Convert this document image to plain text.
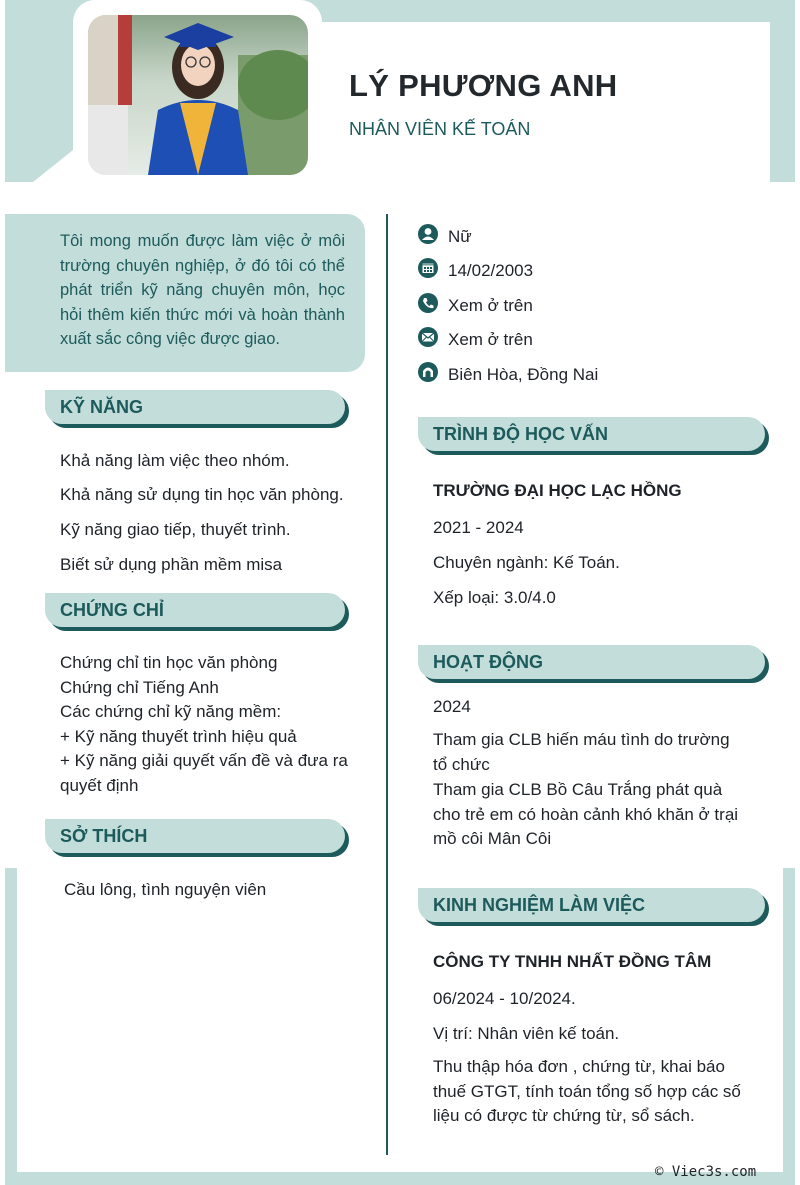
LÝ PHƯƠNG ANH
NHÂN VIÊN KẾ TOÁN
Tôi mong muốn được làm việc ở môi trường chuyên nghiệp, ở đó tôi có thể phát triển kỹ năng chuyên môn, học hỏi thêm kiến thức mới và hoàn thành xuất sắc công việc được giao.
Nữ
14/02/2003
Xem ở trên
Xem ở trên
Biên Hòa, Đồng Nai
KỸ NĂNG
Khả năng làm việc theo nhóm.
Khả năng sử dụng tin học văn phòng.
Kỹ năng giao tiếp, thuyết trình.
Biết sử dụng phần mềm misa
CHỨNG CHỈ
Chứng chỉ tin học văn phòng
Chứng chỉ Tiếng Anh
Các chứng chỉ kỹ năng mềm:
+ Kỹ năng thuyết trình hiệu quả
+ Kỹ năng giải quyết vấn đề và đưa ra quyết định
SỞ THÍCH
Cầu lông, tình nguyện viên
TRÌNH ĐỘ HỌC VẤN
TRƯỜNG ĐẠI HỌC LẠC HỒNG
2021 - 2024
Chuyên ngành: Kế Toán.
Xếp loại: 3.0/4.0
HOẠT ĐỘNG
2024
Tham gia CLB hiến máu tình do trường tổ chức
Tham gia CLB Bồ Câu Trắng phát quà cho trẻ em có hoàn cảnh khó khăn ở trại mồ côi Mân Côi
KINH NGHIỆM LÀM VIỆC
CÔNG TY TNHH NHẤT ĐỒNG TÂM
06/2024 - 10/2024.
Vị trí: Nhân viên kế toán.
Thu thập hóa đơn , chứng từ, khai báo thuế GTGT, tính toán tổng số hợp các số liệu có được từ chứng từ, sổ sách.
© Viec3s.com
